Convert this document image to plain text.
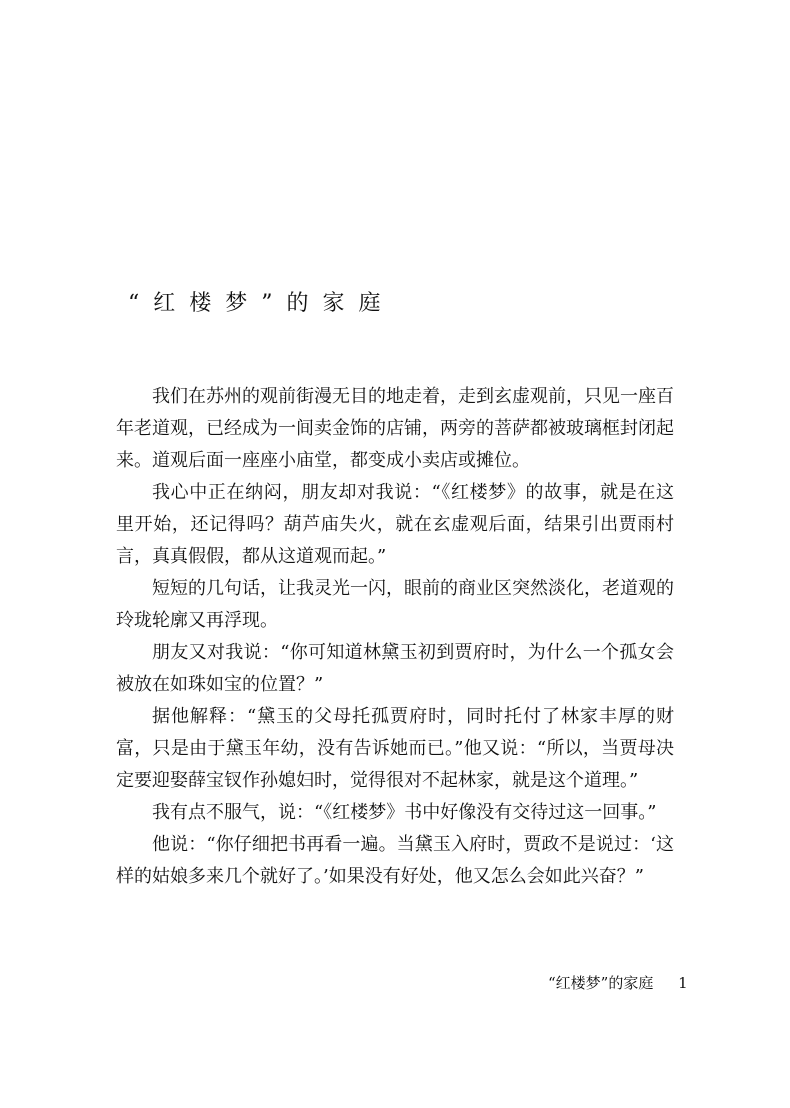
“红楼梦”的家庭

我们在苏州的观前街漫无目的地走着，走到玄虚观前，只见一座百年老道观，已经成为一间卖金饰的店铺，两旁的菩萨都被玻璃框封闭起来。道观后面一座座小庙堂，都变成小卖店或摊位。

我心中正在纳闷，朋友却对我说：“《红楼梦》的故事，就是在这里开始，还记得吗？葫芦庙失火，就在玄虚观后面，结果引出贾雨村言，真真假假，都从这道观而起。”

短短的几句话，让我灵光一闪，眼前的商业区突然淡化，老道观的玲珑轮廓又再浮现。

朋友又对我说：“你可知道林黛玉初到贾府时，为什么一个孤女会被放在如珠如宝的位置？”

据他解释：“黛玉的父母托孤贾府时，同时托付了林家丰厚的财富，只是由于黛玉年幼，没有告诉她而已。”他又说：“所以，当贾母决定要迎娶薛宝钗作孙媳妇时，觉得很对不起林家，就是这个道理。”

我有点不服气，说：“《红楼梦》书中好像没有交待过这一回事。”

他说：“你仔细把书再看一遍。当黛玉入府时，贾政不是说过：‘这样的姑娘多来几个就好了。’如果没有好处，他又怎么会如此兴奋？”

“红楼梦”的家庭 1
